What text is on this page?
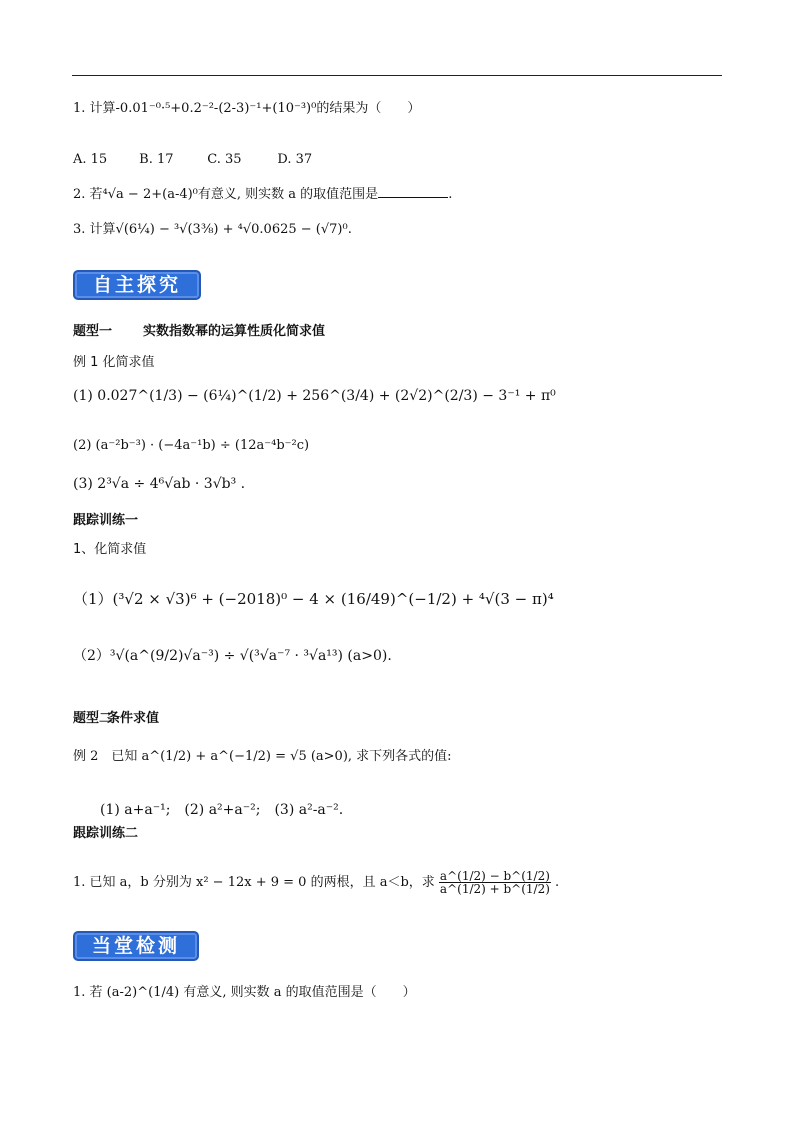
1. 计算-0.01⁻⁰·⁵+0.2⁻²-(2-3)⁻¹+(10⁻³)⁰的结果为（　　）
A. 15 B. 17	C. 35	D. 37
2. 若⁴√a − 2+(a-4)⁰有意义, 则实数 a 的取值范围是	.
3. 计算√(6¼) − ³√(3⅜) + ⁴√0.0625 − (√7)⁰.
自主探究
题型一 实数指数幂的运算性质化简求值
例 1 化简求值
(1) 0.027^(1/3) − (6¼)^(1/2) + 256^(3/4) + (2√2)^(2/3) − 3⁻¹ + π⁰
(2) (a⁻²b⁻³) · (−4a⁻¹b) ÷ (12a⁻⁴b⁻²c)
(3) 2³√a ÷ 4⁶√ab · 3√b³ .
跟踪训练一
1、化简求值
（1）(³√2 × √3)⁶ + (−2018)⁰ − 4 × (16/49)^(−1/2) + ⁴√(3 − π)⁴
（2）³√(a^(9/2)√a⁻³) ÷ √(³√a⁻⁷ · ³√a¹³) (a>0).
题型二条件求值
例 2　已知 a^(1/2) + a^(−1/2) = √5 (a>0), 求下列各式的值:
(1) a+a⁻¹;　(2) a²+a⁻²;　(3) a²-a⁻².
跟踪训练二
1. 已知 a，b 分别为 x² − 12x + 9 = 0 的两根，且 a＜b，求 $\frac{a\^{}(1/2) - b\^{}(1/2)}{a\^{}(1/2) + b\^{}(1/2)}$ .
当堂检测
1. 若 (a-2)^(1/4) 有意义, 则实数 a 的取值范围是（　　）
